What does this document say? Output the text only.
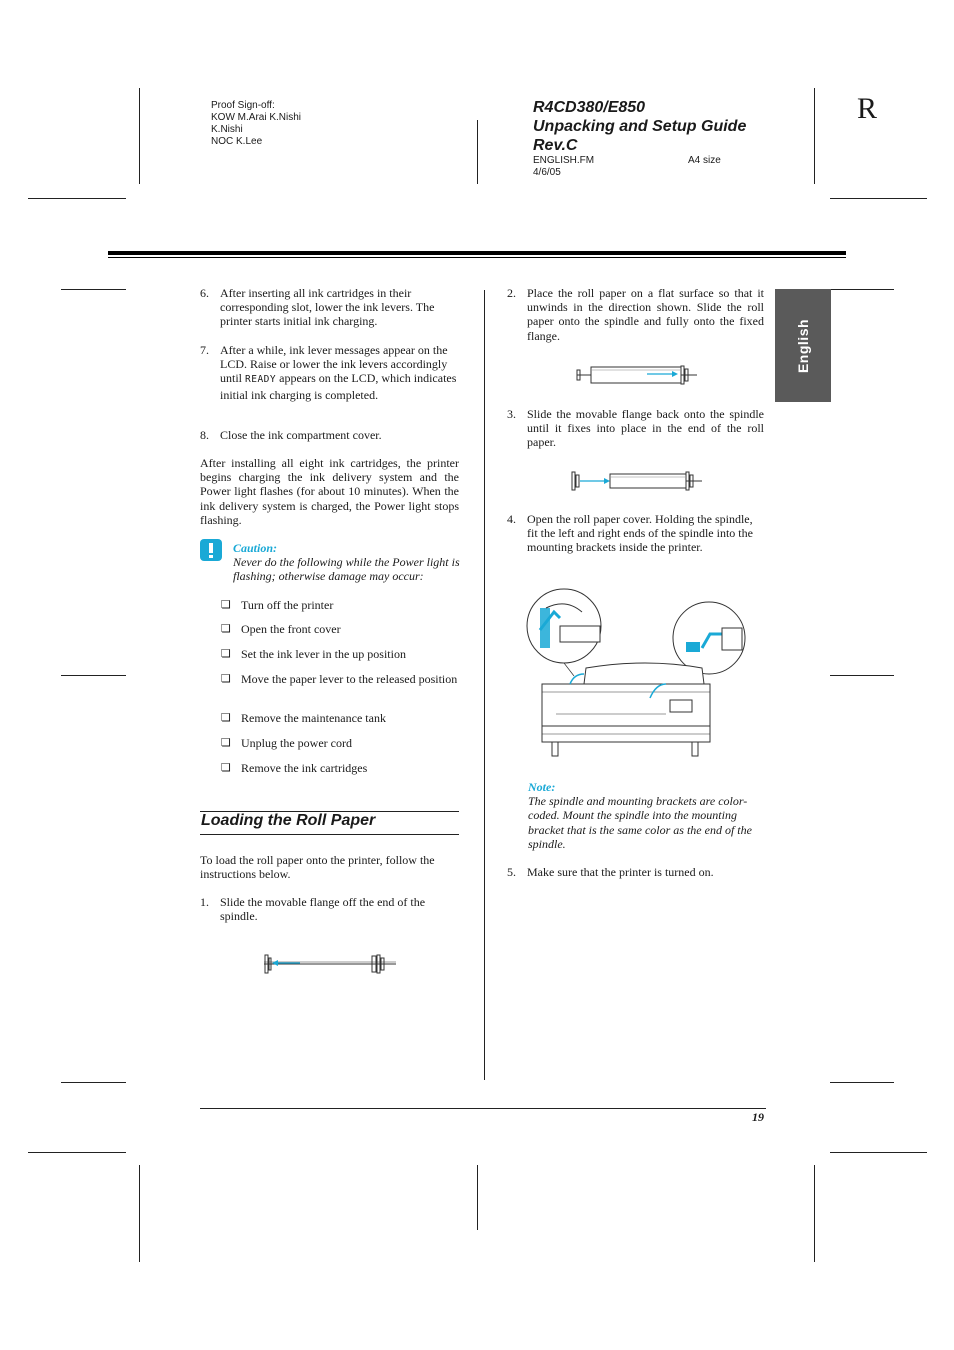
Proof Sign-off:
KOW M.Arai K.Nishi
K.Nishi
NOC K.Lee
R4CD380/E850
Unpacking and Setup Guide
Rev.C
ENGLISH.FM	A4 size
4/6/05
R
English
6. After inserting all ink cartridges in their corresponding slot, lower the ink levers. The printer starts initial ink charging.
7. After a while, ink lever messages appear on the LCD. Raise or lower the ink levers accordingly until READY appears on the LCD, which indicates initial ink charging is completed.
8. Close the ink compartment cover.
After installing all eight ink cartridges, the printer begins charging the ink delivery system and the Power light flashes (for about 10 minutes). When the ink delivery system is charged, the Power light stops flashing.
Caution:
Never do the following while the Power light is flashing; otherwise damage may occur:
❏ Turn off the printer
❏ Open the front cover
❏ Set the ink lever in the up position
❏ Move the paper lever to the released position
❏ Remove the maintenance tank
❏ Unplug the power cord
❏ Remove the ink cartridges
Loading the Roll Paper
To load the roll paper onto the printer, follow the instructions below.
1. Slide the movable flange off the end of the spindle.
2. Place the roll paper on a flat surface so that it unwinds in the direction shown. Slide the roll paper onto the spindle and fully onto the fixed flange.
3. Slide the movable flange back onto the spindle until it fixes into place in the end of the roll paper.
4. Open the roll paper cover. Holding the spindle, fit the left and right ends of the spindle into the mounting brackets inside the printer.
Note:
The spindle and mounting brackets are color-coded. Mount the spindle into the mounting bracket that is the same color as the end of the spindle.
5. Make sure that the printer is turned on.
19
